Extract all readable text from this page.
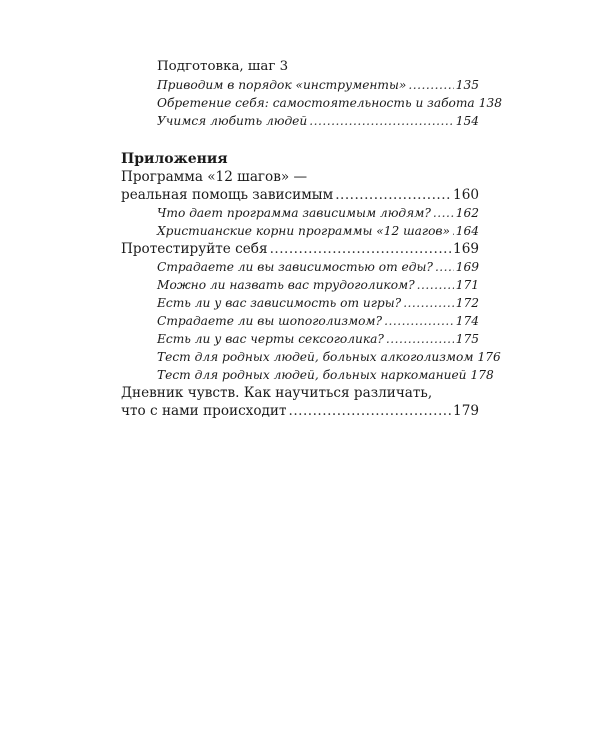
Подготовка, шаг 3
Приводим в порядок «инструменты» .....	135
Обретение себя: самостоятельность и забота 138
Учимся любить людей .....	154
Приложения
Программа «12 шагов» —
реальная помощь зависимым .....	160
Что дает программа зависимым людям? ..... 162
Христианские корни программы «12 шагов» ..... 164
Протестируйте себя .....	169
Страдаете ли вы зависимостью от еды? ..... 169
Можно ли назвать вас трудоголиком? .....	171
Есть ли у вас зависимость от игры? .....	172
Страдаете ли вы шопоголизмом? .....	174
Есть ли у вас черты сексоголика? .....	175
Тест для родных людей, больных алкоголизмом 176
Тест для родных людей, больных наркоманией 178
Дневник чувств. Как научиться различать,
что с нами происходит .....	179
